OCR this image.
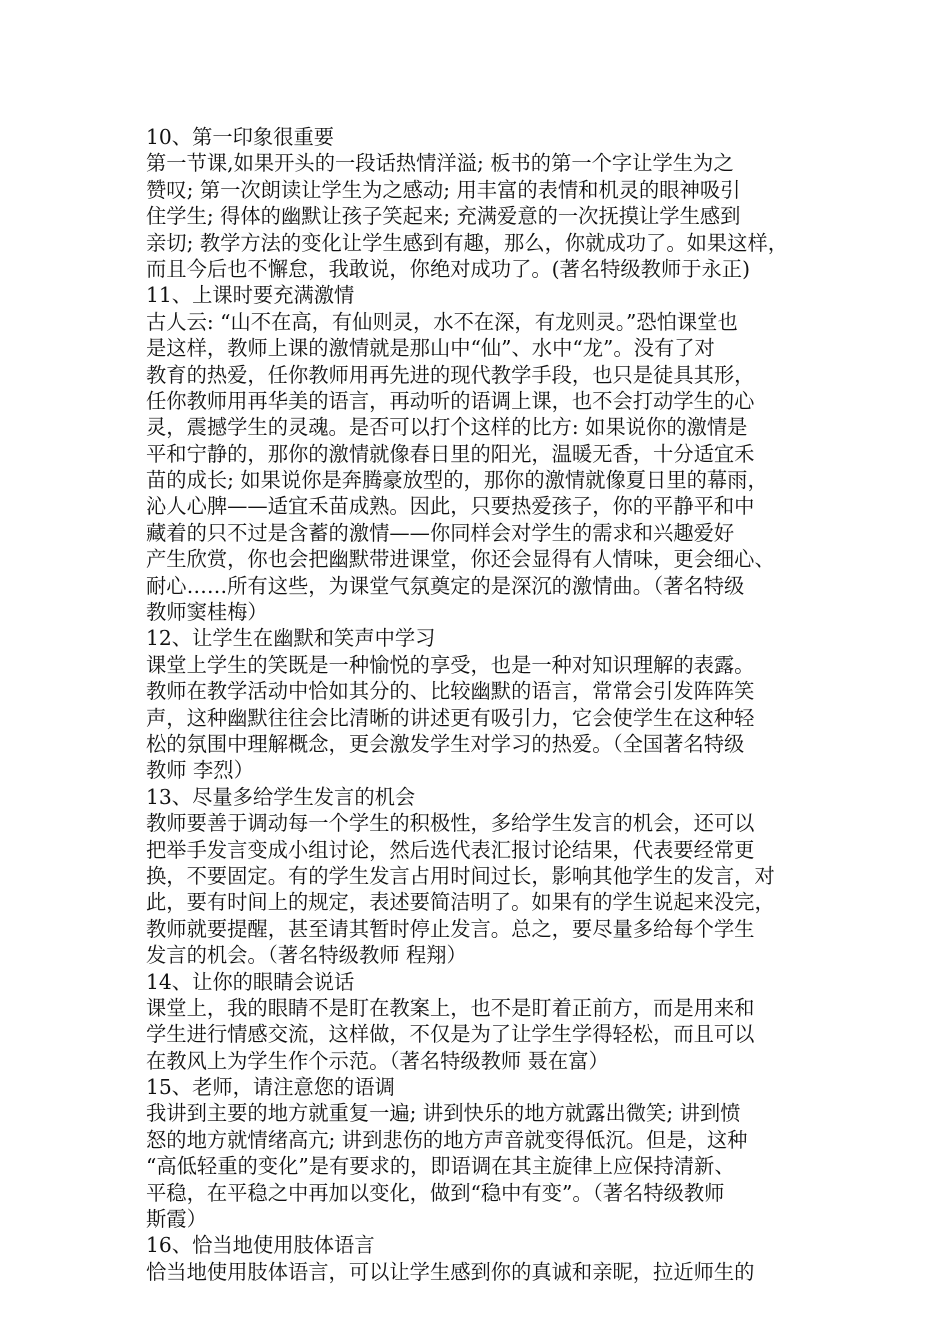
10、第一印象很重要
第一节课,如果开头的一段话热情洋溢; 板书的第一个字让学生为之
赞叹; 第一次朗读让学生为之感动; 用丰富的表情和机灵的眼神吸引
住学生; 得体的幽默让孩子笑起来; 充满爱意的一次抚摸让学生感到
亲切; 教学方法的变化让学生感到有趣，那么，你就成功了。如果这样，
而且今后也不懈怠，我敢说，你绝对成功了。(著名特级教师于永正)
11、上课时要充满激情
古人云: “山不在高，有仙则灵，水不在深，有龙则灵。”恐怕课堂也
是这样，教师上课的激情就是那山中“仙”、水中“龙”。没有了对
教育的热爱，任你教师用再先进的现代教学手段，也只是徒具其形，
任你教师用再华美的语言，再动听的语调上课，也不会打动学生的心
灵，震撼学生的灵魂。是否可以打个这样的比方: 如果说你的激情是
平和宁静的，那你的激情就像春日里的阳光，温暖无香，十分适宜禾
苗的成长; 如果说你是奔腾豪放型的，那你的激情就像夏日里的幕雨，
沁人心脾——适宜禾苗成熟。因此，只要热爱孩子，你的平静平和中
藏着的只不过是含蓄的激情——你同样会对学生的需求和兴趣爱好
产生欣赏，你也会把幽默带进课堂，你还会显得有人情味，更会细心、
耐心……所有这些，为课堂气氛奠定的是深沉的激情曲。（著名特级
教师窦桂梅）
12、让学生在幽默和笑声中学习
课堂上学生的笑既是一种愉悦的享受，也是一种对知识理解的表露。
教师在教学活动中恰如其分的、比较幽默的语言，常常会引发阵阵笑
声，这种幽默往往会比清晰的讲述更有吸引力，它会使学生在这种轻
松的氛围中理解概念，更会激发学生对学习的热爱。（全国著名特级
教师 李烈）
13、尽量多给学生发言的机会
教师要善于调动每一个学生的积极性，多给学生发言的机会，还可以
把举手发言变成小组讨论，然后选代表汇报讨论结果，代表要经常更
换，不要固定。有的学生发言占用时间过长，影响其他学生的发言，对
此，要有时间上的规定，表述要简洁明了。如果有的学生说起来没完，
教师就要提醒，甚至请其暂时停止发言。总之，要尽量多给每个学生
发言的机会。（著名特级教师 程翔）
14、让你的眼睛会说话
课堂上，我的眼睛不是盯在教案上，也不是盯着正前方，而是用来和
学生进行情感交流，这样做，不仅是为了让学生学得轻松，而且可以
在教风上为学生作个示范。（著名特级教师 聂在富）
15、老师，请注意您的语调
我讲到主要的地方就重复一遍; 讲到快乐的地方就露出微笑; 讲到愤
怒的地方就情绪高亢; 讲到悲伤的地方声音就变得低沉。但是，这种
“高低轻重的变化”是有要求的，即语调在其主旋律上应保持清新、
平稳，在平稳之中再加以变化，做到“稳中有变”。（著名特级教师
斯霞）
16、恰当地使用肢体语言
恰当地使用肢体语言，可以让学生感到你的真诚和亲昵，拉近师生的
